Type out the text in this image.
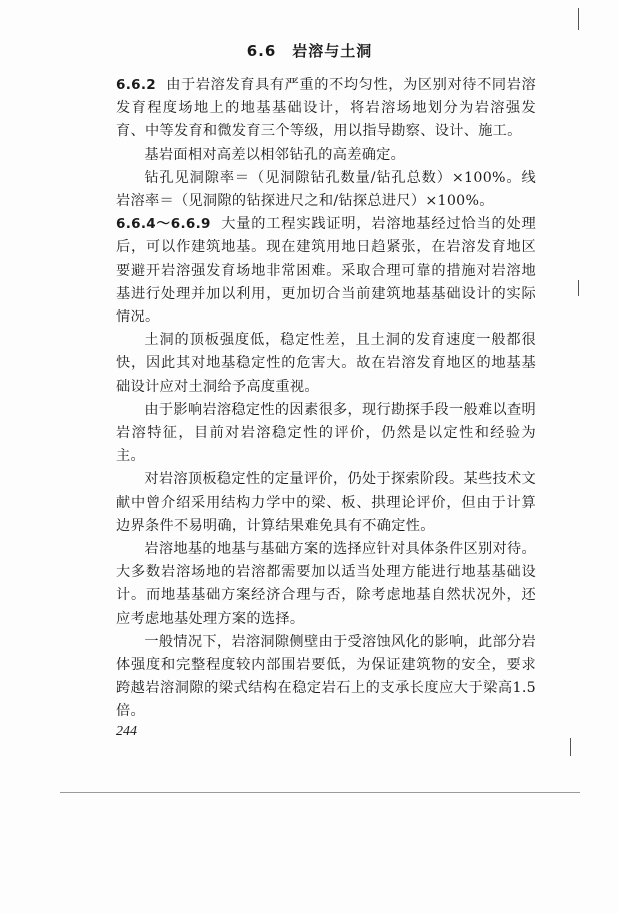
6.6 岩溶与土洞

6.6.2 由于岩溶发育具有严重的不均匀性，为区别对待不同岩溶发育程度场地上的地基基础设计，将岩溶场地划分为岩溶强发育、中等发育和微发育三个等级，用以指导勘察、设计、施工。

基岩面相对高差以相邻钻孔的高差确定。

钻孔见洞隙率＝（见洞隙钻孔数量/钻孔总数）×100%。线岩溶率＝（见洞隙的钻探进尺之和/钻探总进尺）×100%。

6.6.4～6.6.9 大量的工程实践证明，岩溶地基经过恰当的处理后，可以作建筑地基。现在建筑用地日趋紧张，在岩溶发育地区要避开岩溶强发育场地非常困难。采取合理可靠的措施对岩溶地基进行处理并加以利用，更加切合当前建筑地基基础设计的实际情况。

土洞的顶板强度低，稳定性差，且土洞的发育速度一般都很快，因此其对地基稳定性的危害大。故在岩溶发育地区的地基基础设计应对土洞给予高度重视。

由于影响岩溶稳定性的因素很多，现行勘探手段一般难以查明岩溶特征，目前对岩溶稳定性的评价，仍然是以定性和经验为主。

对岩溶顶板稳定性的定量评价，仍处于探索阶段。某些技术文献中曾介绍采用结构力学中的梁、板、拱理论评价，但由于计算边界条件不易明确，计算结果难免具有不确定性。

岩溶地基的地基与基础方案的选择应针对具体条件区别对待。大多数岩溶场地的岩溶都需要加以适当处理方能进行地基基础设计。而地基基础方案经济合理与否，除考虑地基自然状况外，还应考虑地基处理方案的选择。

一般情况下，岩溶洞隙侧壁由于受溶蚀风化的影响，此部分岩体强度和完整程度较内部围岩要低，为保证建筑物的安全，要求跨越岩溶洞隙的梁式结构在稳定岩石上的支承长度应大于梁高1.5倍。

244
